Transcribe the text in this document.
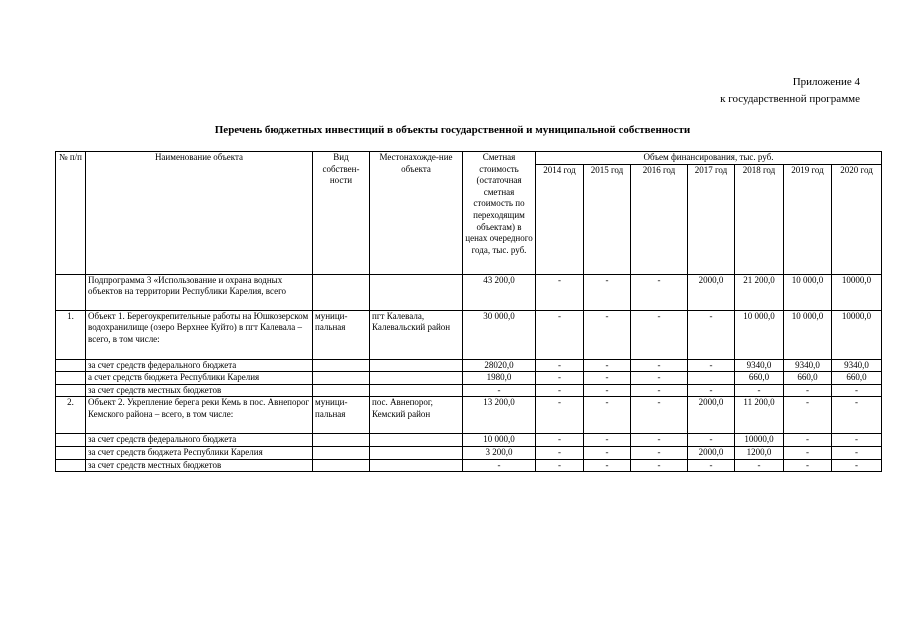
Приложение 4
к государственной программе
Перечень бюджетных инвестиций в объекты государственной и муниципальной собственности
№ п/п	Наименование объекта	Вид собствен-ности	Местонахожде-ние объекта	Сметная стоимость (остаточная сметная стоимость по переходящим объектам) в ценах очередного года, тыс. руб.	Объем финансирования, тыс. руб.						
					2014 год	2015 год	2016 год	2017 год	2018 год	2019 год	2020 год
	Подпрограмма 3 «Использование и охрана водных объектов на территории Республики Карелия, всего			43 200,0	-	-	-	2000,0	21 200,0	10 000,0	10000,0
1.	Объект 1. Берегоукрепительные работы на Юшкозерском водохранилище (озеро Верхнее Куйто) в пгт Калевала – всего, в том числе:	муници-пальная	пгт Калевала, Калевальский район	30 000,0	-	-	-	-	10 000,0	10 000,0	10000,0
	за счет средств федерального бюджета			28020,0	-	-	-	-	9340,0	9340,0	9340,0
	а счет средств бюджета Республики Карелия			1980,0	-	-	-		660,0	660,0	660,0
	за счет средств местных бюджетов			-	-	-	-	-	-	-	-
2.	Объект 2. Укрепление берега реки Кемь в пос. Авнепорог Кемского района – всего, в том числе:	муници-пальная	пос. Авнепорог, Кемский район	13 200,0	-	-	-	2000,0	11 200,0	-	-
	за счет средств федерального бюджета			10 000,0	-	-	-	-	10000,0	-	-
	за счет средств бюджета Республики Карелия			3 200,0	-	-	-	2000,0	1200,0	-	-
	за счет средств местных бюджетов			-	-	-	-	-	-	-	-
